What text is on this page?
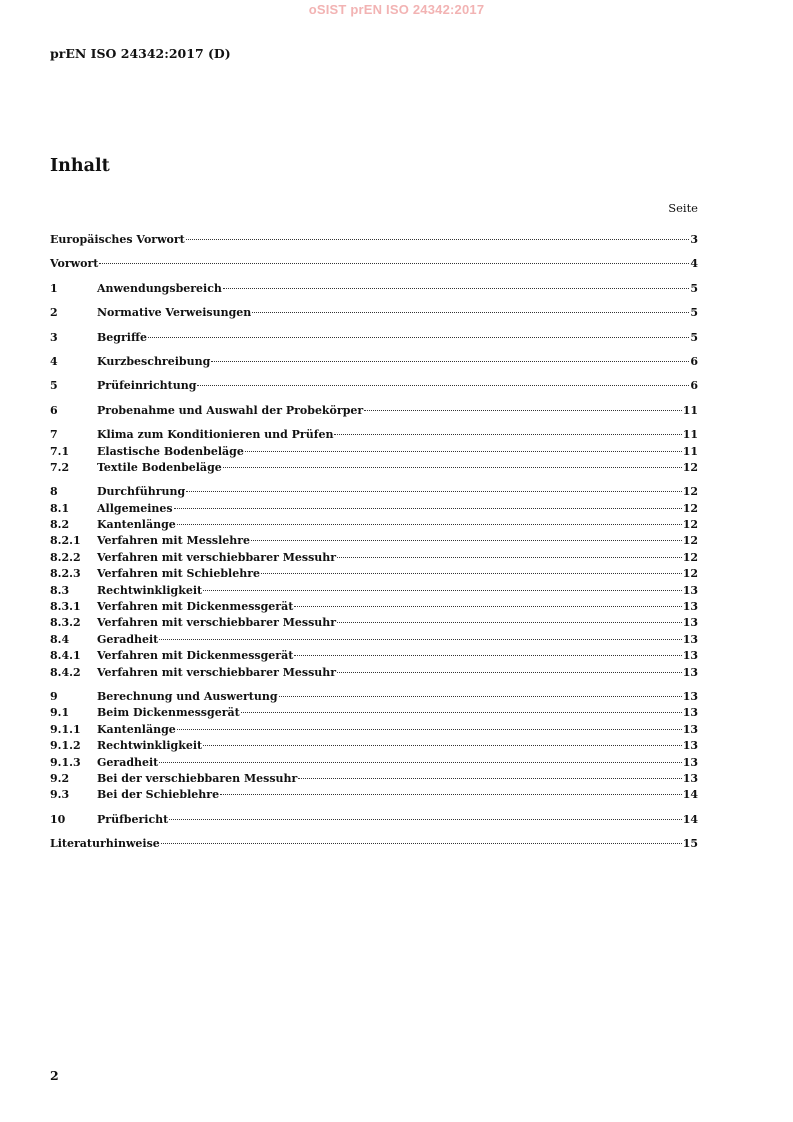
oSIST prEN ISO 24342:2017
prEN ISO 24342:2017 (D)
Inhalt
Seite
Europäisches Vorwort	3
Vorwort	4
1	Anwendungsbereich	5
2	Normative Verweisungen	5
3	Begriffe	5
4	Kurzbeschreibung	6
5	Prüfeinrichtung	6
6	Probenahme und Auswahl der Probekörper	11
7	Klima zum Konditionieren und Prüfen	11
7.1	Elastische Bodenbeläge	11
7.2	Textile Bodenbeläge	12
8	Durchführung	12
8.1	Allgemeines	12
8.2	Kantenlänge	12
8.2.1	Verfahren mit Messlehre	12
8.2.2	Verfahren mit verschiebbarer Messuhr	12
8.2.3	Verfahren mit Schieblehre	12
8.3	Rechtwinkligkeit	13
8.3.1	Verfahren mit Dickenmessgerät	13
8.3.2	Verfahren mit verschiebbarer Messuhr	13
8.4	Geradheit	13
8.4.1	Verfahren mit Dickenmessgerät	13
8.4.2	Verfahren mit verschiebbarer Messuhr	13
9	Berechnung und Auswertung	13
9.1	Beim Dickenmessgerät	13
9.1.1	Kantenlänge	13
9.1.2	Rechtwinkligkeit	13
9.1.3	Geradheit	13
9.2	Bei der verschiebbaren Messuhr	13
9.3	Bei der Schieblehre	14
10	Prüfbericht	14
Literaturhinweise	15
2
